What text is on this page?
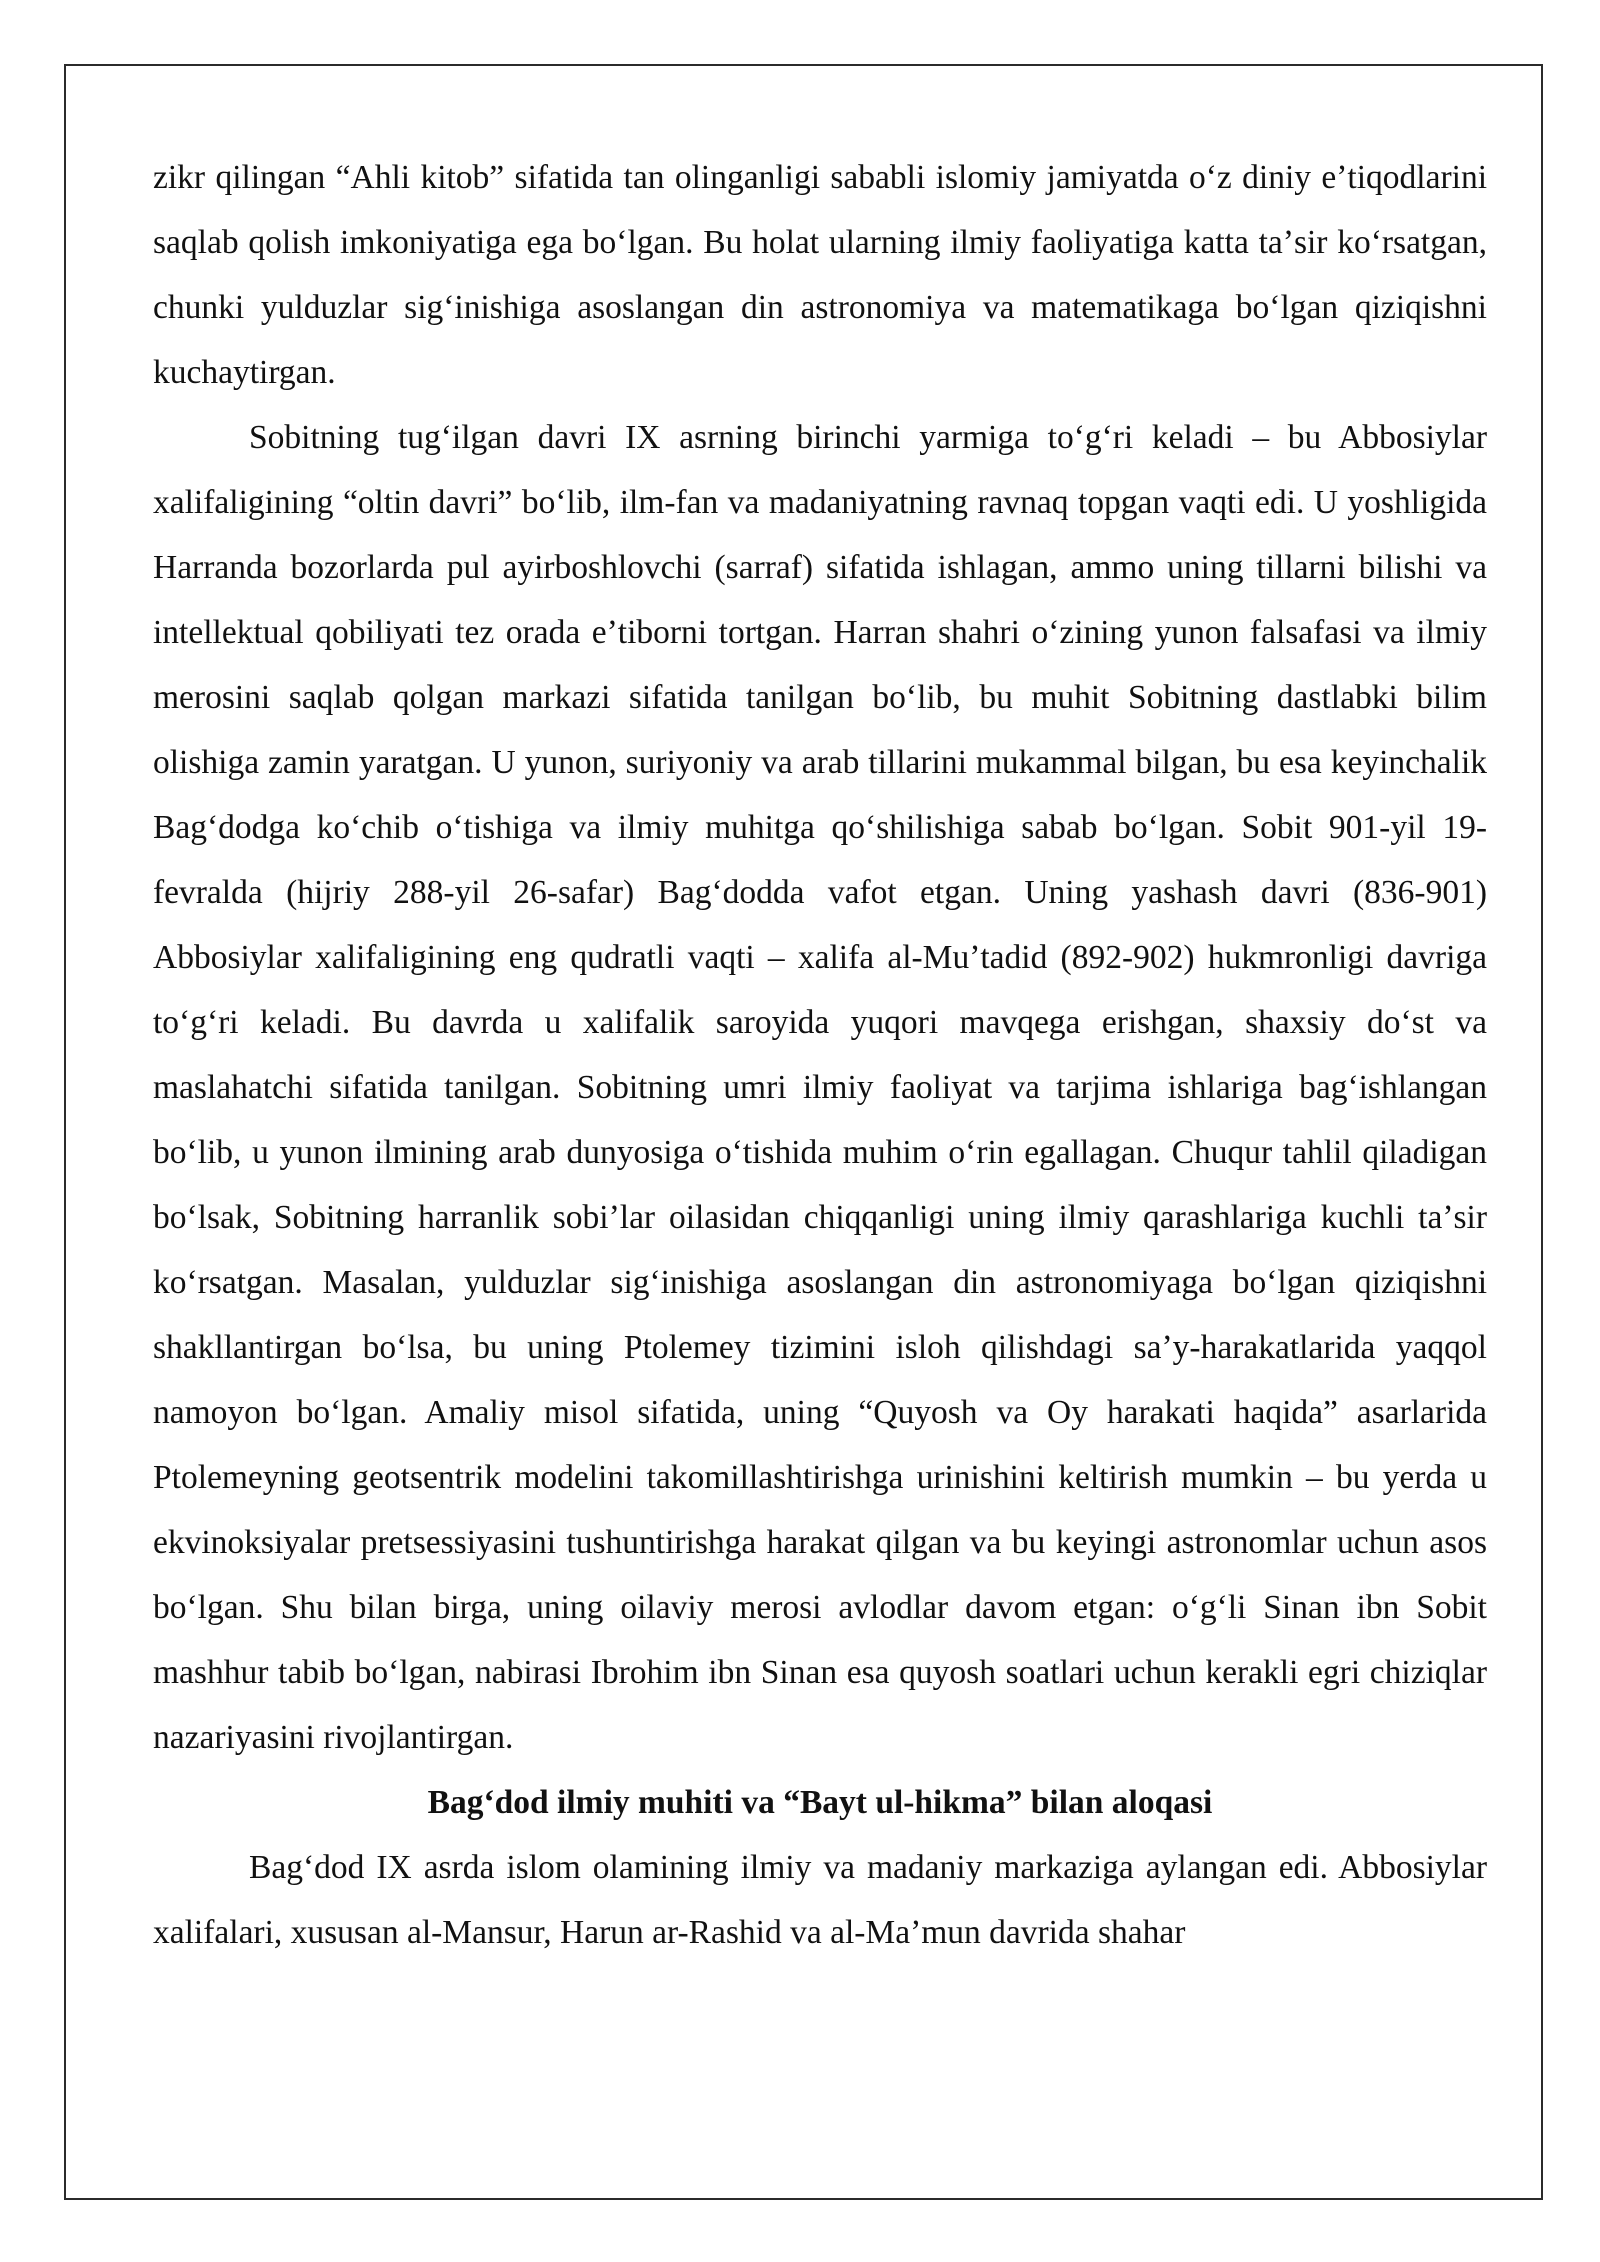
zikr qilingan “Ahli kitob” sifatida tan olinganligi sababli islomiy jamiyatda oʻz diniy eʼtiqodlarini saqlab qolish imkoniyatiga ega boʻlgan. Bu holat ularning ilmiy faoliyatiga katta taʼsir koʻrsatgan, chunki yulduzlar sigʻinishiga asoslangan din astronomiya va matematikaga boʻlgan qiziqishni kuchaytirgan.

Sobitning tugʻilgan davri IX asrning birinchi yarmiga toʻgʻri keladi – bu Abbosiylar xalifaligining “oltin davri” boʻlib, ilm-fan va madaniyatning ravnaq topgan vaqti edi. U yoshligida Harranda bozorlarda pul ayirboshlovchi (sarraf) sifatida ishlagan, ammo uning tillarni bilishi va intellektual qobiliyati tez orada eʼtiborni tortgan. Harran shahri oʻzining yunon falsafasi va ilmiy merosini saqlab qolgan markazi sifatida tanilgan boʻlib, bu muhit Sobitning dastlabki bilim olishiga zamin yaratgan. U yunon, suriyoniy va arab tillarini mukammal bilgan, bu esa keyinchalik Bagʻdodga koʻchib oʻtishiga va ilmiy muhitga qoʻshilishiga sabab boʻlgan. Sobit 901-yil 19-fevralda (hijriy 288-yil 26-safar) Bagʻdodda vafot etgan. Uning yashash davri (836-901) Abbosiylar xalifaligining eng qudratli vaqti – xalifa al-Muʼtadid (892-902) hukmronligi davriga toʻgʻri keladi. Bu davrda u xalifalik saroyida yuqori mavqega erishgan, shaxsiy doʻst va maslahatchi sifatida tanilgan. Sobitning umri ilmiy faoliyat va tarjima ishlariga bagʻishlangan boʻlib, u yunon ilmining arab dunyosiga oʻtishida muhim oʻrin egallagan. Chuqur tahlil qiladigan boʻlsak, Sobitning harranlik sobiʼlar oilasidan chiqqanligi uning ilmiy qarashlariga kuchli taʼsir koʻrsatgan. Masalan, yulduzlar sigʻinishiga asoslangan din astronomiyaga boʻlgan qiziqishni shakllantirgan boʻlsa, bu uning Ptolemey tizimini isloh qilishdagi saʼy-harakatlarida yaqqol namoyon boʻlgan. Amaliy misol sifatida, uning “Quyosh va Oy harakati haqida” asarlarida Ptolemeyning geotsentrik modelini takomillashtirishga urinishini keltirish mumkin – bu yerda u ekvinoksiyalar pretsessiyasini tushuntirishga harakat qilgan va bu keyingi astronomlar uchun asos boʻlgan. Shu bilan birga, uning oilaviy merosi avlodlar davom etgan: oʻgʻli Sinan ibn Sobit mashhur tabib boʻlgan, nabirasi Ibrohim ibn Sinan esa quyosh soatlari uchun kerakli egri chiziqlar nazariyasini rivojlantirgan.

Bagʻdod ilmiy muhiti va “Bayt ul-hikma” bilan aloqasi

Bagʻdod IX asrda islom olamining ilmiy va madaniy markaziga aylangan edi. Abbosiylar xalifalari, xususan al-Mansur, Harun ar-Rashid va al-Maʼmun davrida shahar
